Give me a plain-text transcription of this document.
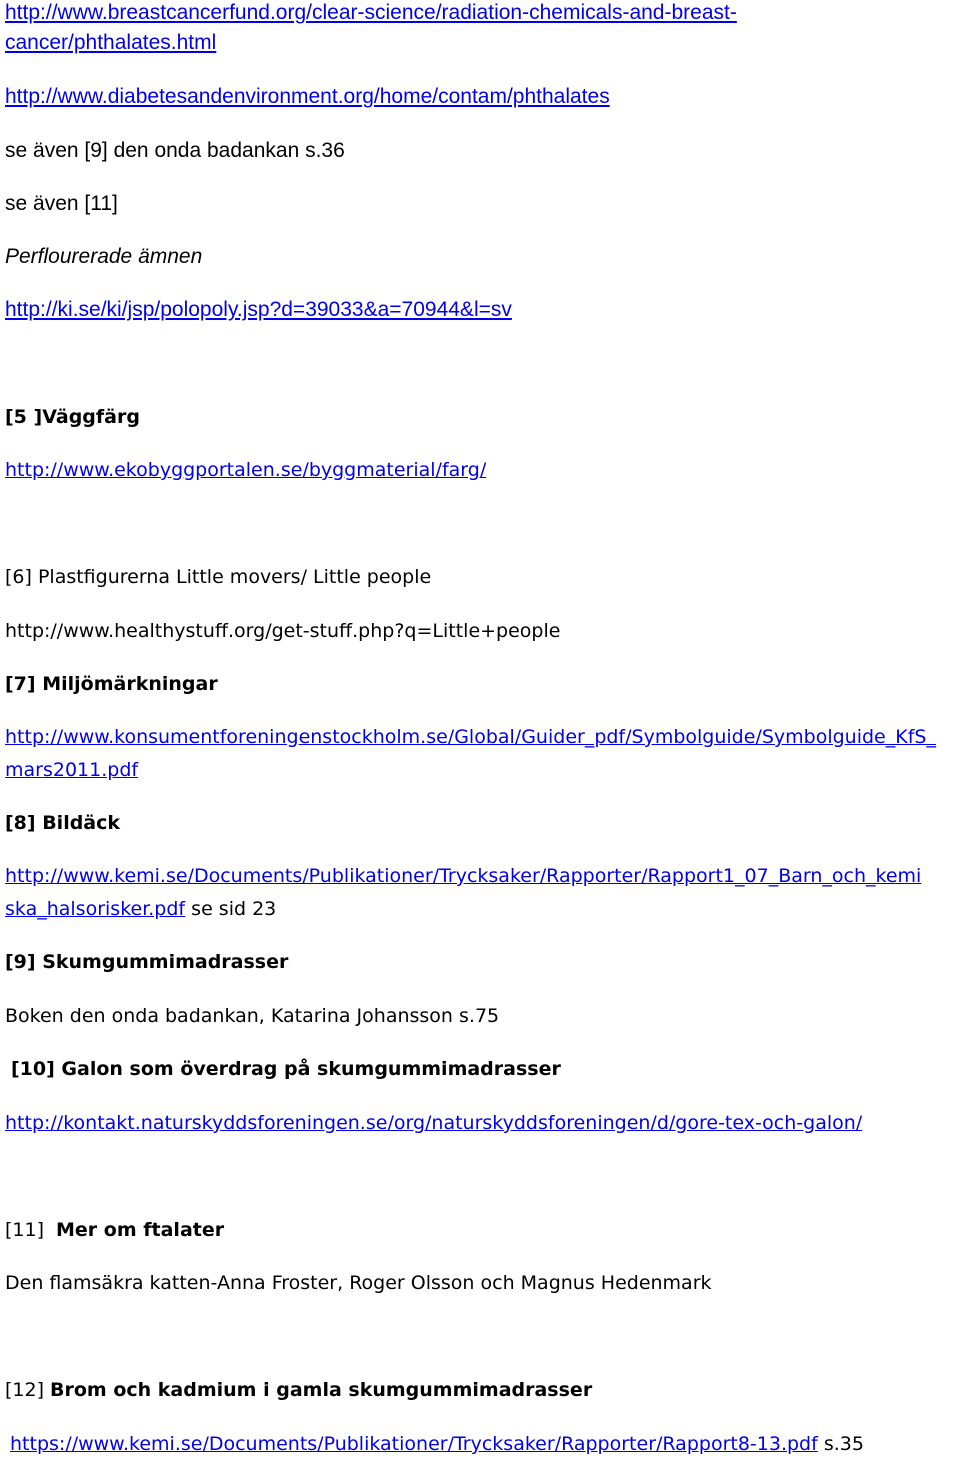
http://www.breastcancerfund.org/clear-science/radiation-chemicals-and-breast-
cancer/phthalates.html
http://www.diabetesandenvironment.org/home/contam/phthalates
se även [9] den onda badankan s.36
se även [11]
Perflourerade ämnen
http://ki.se/ki/jsp/polopoly.jsp?d=39033&a=70944&l=sv
[5 ]Väggfärg
http://www.ekobyggportalen.se/byggmaterial/farg/
[6] Plastfigurerna Little movers/ Little people
http://www.healthystuff.org/get-stuff.php?q=Little+people
[7] Miljömärkningar
http://www.konsumentforeningenstockholm.se/Global/Guider_pdf/Symbolguide/Symbolguide_KfS_
mars2011.pdf
[8] Bildäck
http://www.kemi.se/Documents/Publikationer/Trycksaker/Rapporter/Rapport1_07_Barn_och_kemi
ska_halsorisker.pdf se sid 23
[9] Skumgummimadrasser
Boken den onda badankan, Katarina Johansson s.75
[10] Galon som överdrag på skumgummimadrasser
http://kontakt.naturskyddsforeningen.se/org/naturskyddsforeningen/d/gore-tex-och-galon/
[11] Mer om ftalater
Den flamsäkra katten-Anna Froster, Roger Olsson och Magnus Hedenmark
[12] Brom och kadmium i gamla skumgummimadrasser
https://www.kemi.se/Documents/Publikationer/Trycksaker/Rapporter/Rapport8-13.pdf s.35
